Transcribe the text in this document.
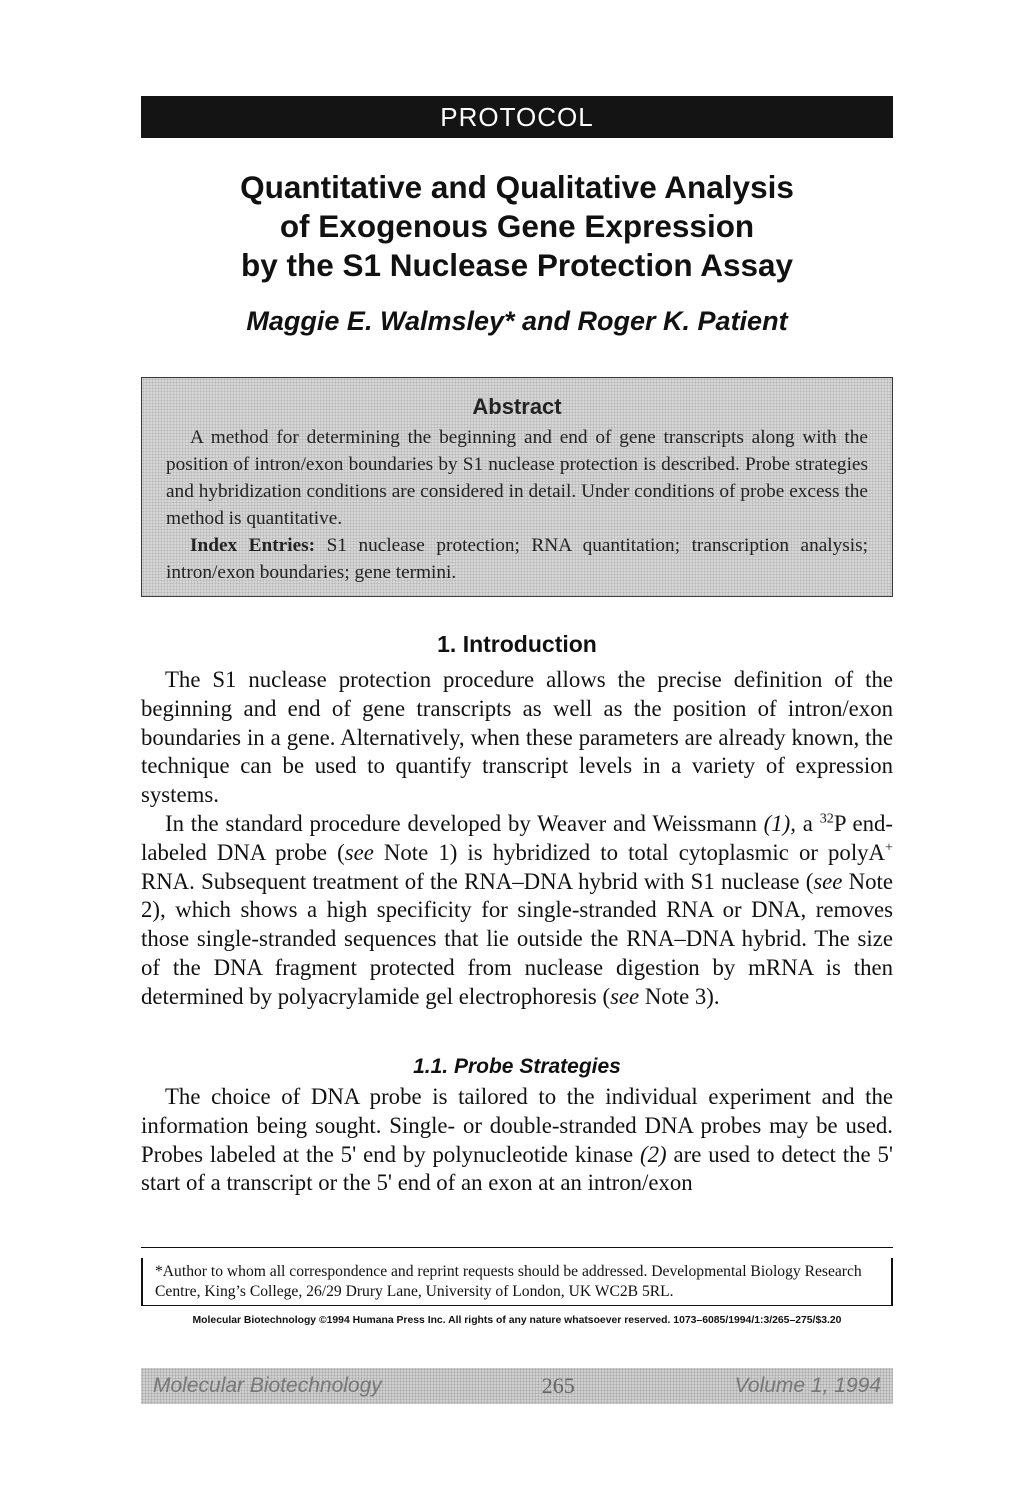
PROTOCOL
Quantitative and Qualitative Analysis
of Exogenous Gene Expression
by the S1 Nuclease Protection Assay

Maggie E. Walmsley* and Roger K. Patient

Abstract

A method for determining the beginning and end of gene transcripts along with the position of intron/exon boundaries by S1 nuclease protection is described. Probe strategies and hybridization conditions are considered in detail. Under conditions of probe excess the method is quantitative.

Index Entries: S1 nuclease protection; RNA quantitation; transcription analysis; intron/exon boundaries; gene termini.

1. Introduction

The S1 nuclease protection procedure allows the precise definition of the beginning and end of gene transcripts as well as the position of intron/exon boundaries in a gene. Alternatively, when these parameters are already known, the technique can be used to quantify transcript levels in a variety of expression systems.

In the standard procedure developed by Weaver and Weissmann (1), a $^{32}$P end-labeled DNA probe (see Note 1) is hybridized to total cytoplasmic or polyA+ RNA. Subsequent treatment of the RNA–DNA hybrid with S1 nuclease (see Note 2), which shows a high specificity for single-stranded RNA or DNA, removes those single-stranded sequences that lie outside the RNA–DNA hybrid. The size of the DNA fragment protected from nuclease digestion by mRNA is then determined by polyacrylamide gel electrophoresis (see Note 3).

1.1. Probe Strategies

The choice of DNA probe is tailored to the individual experiment and the information being sought. Single- or double-stranded DNA probes may be used. Probes labeled at the 5' end by polynucleotide kinase (2) are used to detect the 5' start of a transcript or the 5' end of an exon at an intron/exon

*Author to whom all correspondence and reprint requests should be addressed. Developmental Biology Research Centre, King’s College, 26/29 Drury Lane, University of London, UK WC2B 5RL.
Molecular Biotechnology ©1994 Humana Press Inc. All rights of any nature whatsoever reserved. 1073–6085/1994/1:3/265–275/$3.20
Molecular Biotechnology	265	Volume 1, 1994
